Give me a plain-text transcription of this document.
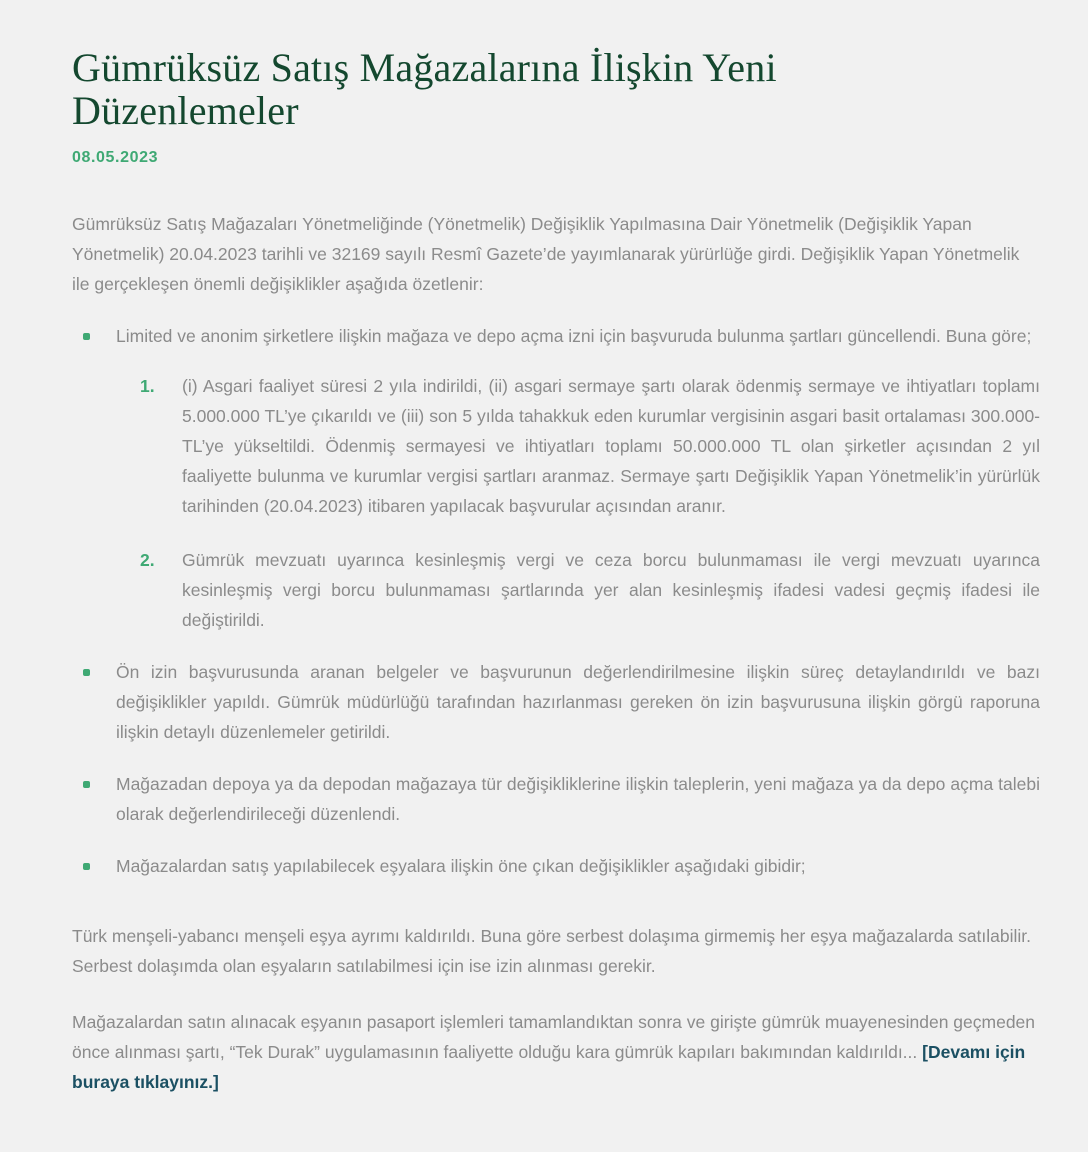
Gümrüksüz Satış Mağazalarına İlişkin Yeni Düzenlemeler
08.05.2023

Gümrüksüz Satış Mağazaları Yönetmeliğinde (Yönetmelik) Değişiklik Yapılmasına Dair Yönetmelik (Değişiklik Yapan Yönetmelik) 20.04.2023 tarihli ve 32169 sayılı Resmî Gazete’de yayımlanarak yürürlüğe girdi. Değişiklik Yapan Yönetmelik ile gerçekleşen önemli değişiklikler aşağıda özetlenir:

Limited ve anonim şirketlere ilişkin mağaza ve depo açma izni için başvuruda bulunma şartları güncellendi. Buna göre;
1.	(i) Asgari faaliyet süresi 2 yıla indirildi, (ii) asgari sermaye şartı olarak ödenmiş sermaye ve ihtiyatları toplamı 5.000.000 TL’ye çıkarıldı ve (iii) son 5 yılda tahakkuk eden kurumlar vergisinin asgari basit ortalaması 300.000-TL’ye yükseltildi. Ödenmiş sermayesi ve ihtiyatları toplamı 50.000.000 TL olan şirketler açısından 2 yıl faaliyette bulunma ve kurumlar vergisi şartları aranmaz. Sermaye şartı Değişiklik Yapan Yönetmelik’in yürürlük tarihinden (20.04.2023) itibaren yapılacak başvurular açısından aranır.
2.	Gümrük mevzuatı uyarınca kesinleşmiş vergi ve ceza borcu bulunmaması ile vergi mevzuatı uyarınca kesinleşmiş vergi borcu bulunmaması şartlarında yer alan kesinleşmiş ifadesi vadesi geçmiş ifadesi ile değiştirildi.
Ön izin başvurusunda aranan belgeler ve başvurunun değerlendirilmesine ilişkin süreç detaylandırıldı ve bazı değişiklikler yapıldı. Gümrük müdürlüğü tarafından hazırlanması gereken ön izin başvurusuna ilişkin görgü raporuna ilişkin detaylı düzenlemeler getirildi.
Mağazadan depoya ya da depodan mağazaya tür değişikliklerine ilişkin taleplerin, yeni mağaza ya da depo açma talebi olarak değerlendirileceği düzenlendi.
Mağazalardan satış yapılabilecek eşyalara ilişkin öne çıkan değişiklikler aşağıdaki gibidir;

Türk menşeli-yabancı menşeli eşya ayrımı kaldırıldı. Buna göre serbest dolaşıma girmemiş her eşya mağazalarda satılabilir. Serbest dolaşımda olan eşyaların satılabilmesi için ise izin alınması gerekir.

Mağazalardan satın alınacak eşyanın pasaport işlemleri tamamlandıktan sonra ve girişte gümrük muayenesinden geçmeden önce alınması şartı, “Tek Durak” uygulamasının faaliyette olduğu kara gümrük kapıları bakımından kaldırıldı... [Devamı için buraya tıklayınız.]
